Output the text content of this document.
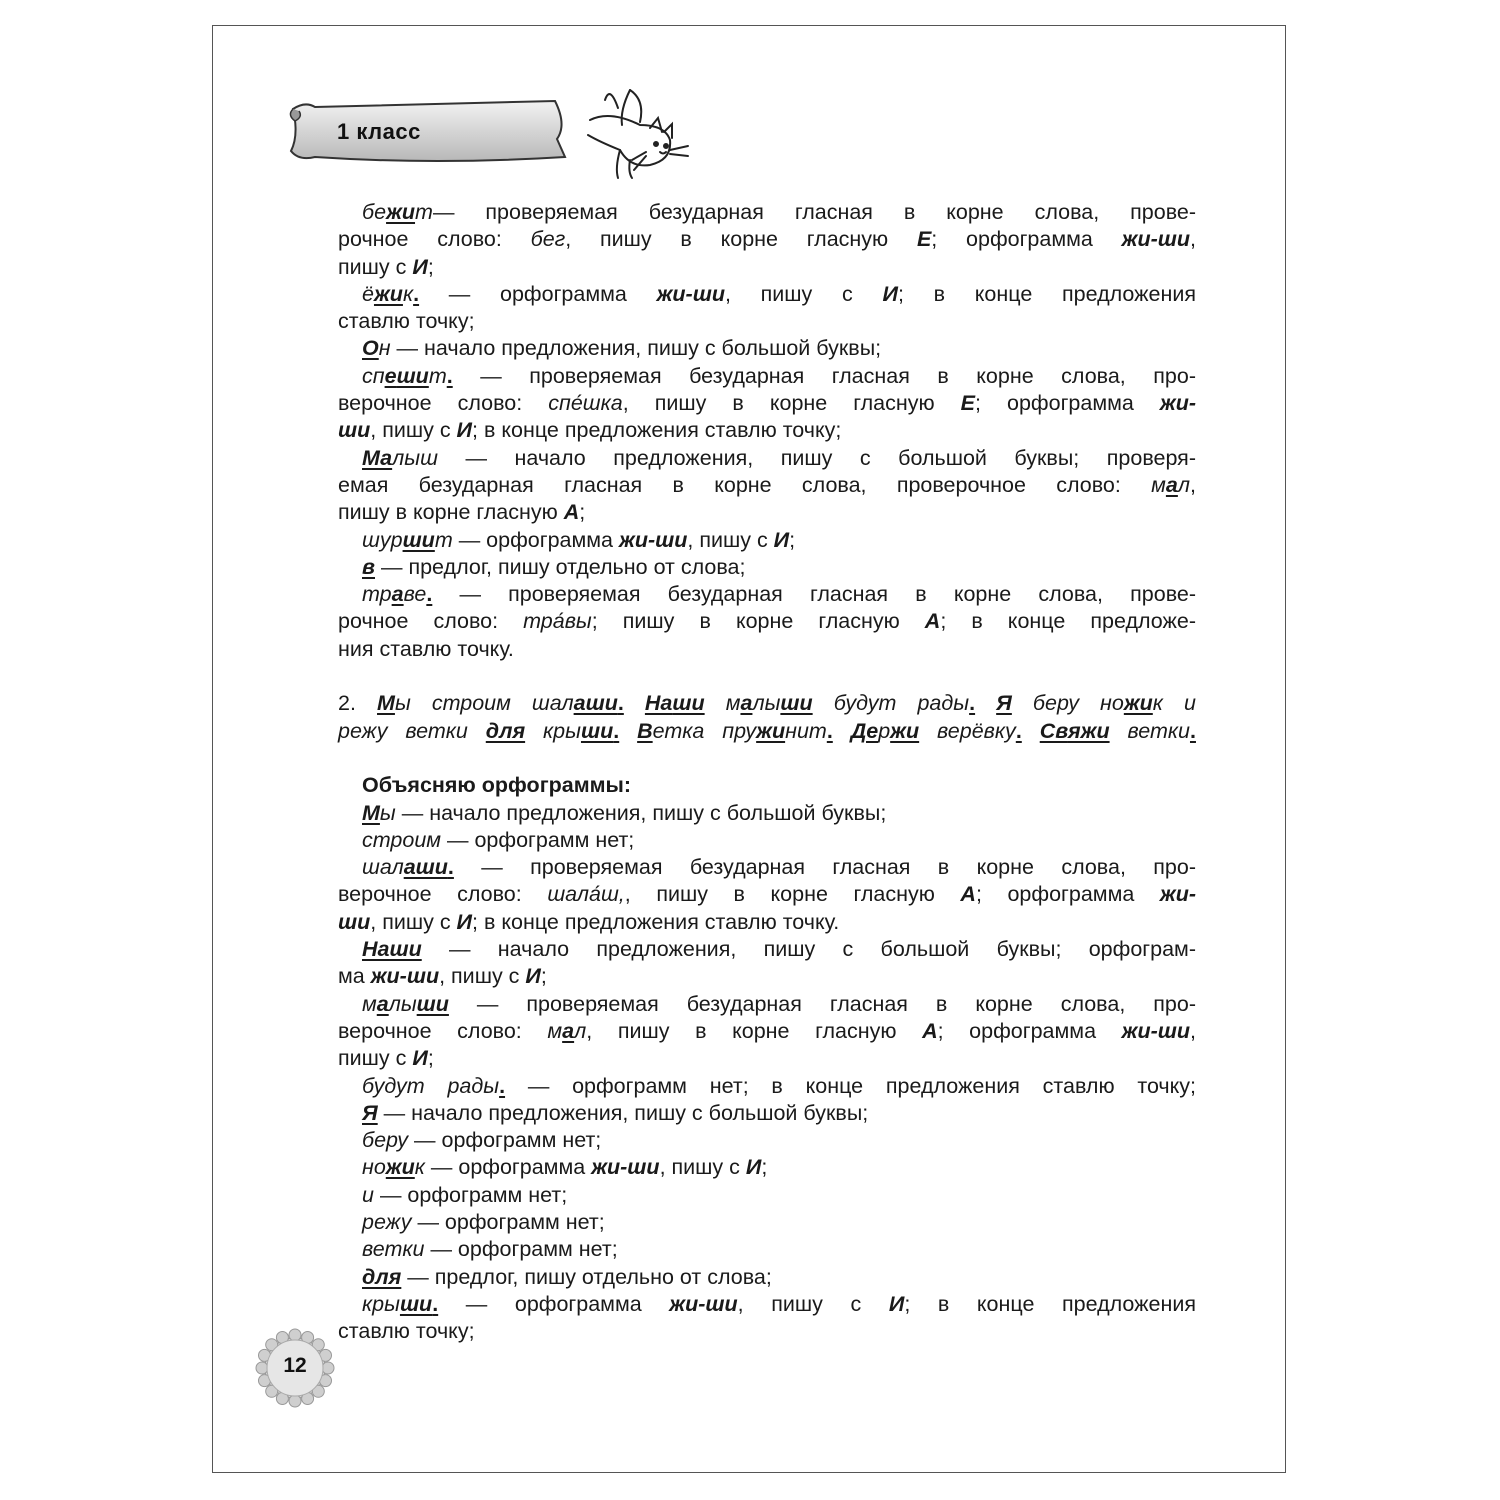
1 класс
бежит— проверяемая безударная гласная в корне слова, прове-
рочное слово: бег, пишу в корне гласную Е; орфограмма жи-ши,
пишу с И;
ёжик. — орфограмма жи-ши, пишу с И; в конце предложения
ставлю точку;
Он — начало предложения, пишу с большой буквы;
спешит. — проверяемая безударная гласная в корне слова, про-
верочное слово: спе́шка, пишу в корне гласную Е; орфограмма жи-
ши, пишу с И; в конце предложения ставлю точку;
Малыш — начало предложения, пишу с большой буквы; проверя-
емая безударная гласная в корне слова, проверочное слово: мал,
пишу в корне гласную А;
шуршит — орфограмма жи-ши, пишу с И;
в — предлог, пишу отдельно от слова;
траве. — проверяемая безударная гласная в корне слова, прове-
рочное слово: тра́вы; пишу в корне гласную А; в конце предложе-
ния ставлю точку.
2. Мы строим шалаши. Наши малыши будут рады. Я беру ножик и
режу ветки для крыши. Ветка пружинит. Держи верёвку. Свяжи ветки.
Объясняю орфограммы:
Мы — начало предложения, пишу с большой буквы;
строим — орфограмм нет;
шалаши. — проверяемая безударная гласная в корне слова, про-
верочное слово: шала́ш,, пишу в корне гласную А; орфограмма жи-
ши, пишу с И; в конце предложения ставлю точку.
Наши — начало предложения, пишу с большой буквы; орфограм-
ма жи-ши, пишу с И;
малыши — проверяемая безударная гласная в корне слова, про-
верочное слово: мал, пишу в корне гласную А; орфограмма жи-ши,
пишу с И;
будут рады. — орфограмм нет; в конце предложения ставлю точку;
Я — начало предложения, пишу с большой буквы;
беру — орфограмм нет;
ножик — орфограмма жи-ши, пишу с И;
и — орфограмм нет;
режу — орфограмм нет;
ветки — орфограмм нет;
для — предлог, пишу отдельно от слова;
крыши. — орфограмма жи-ши, пишу с И; в конце предложения
ставлю точку;
12
